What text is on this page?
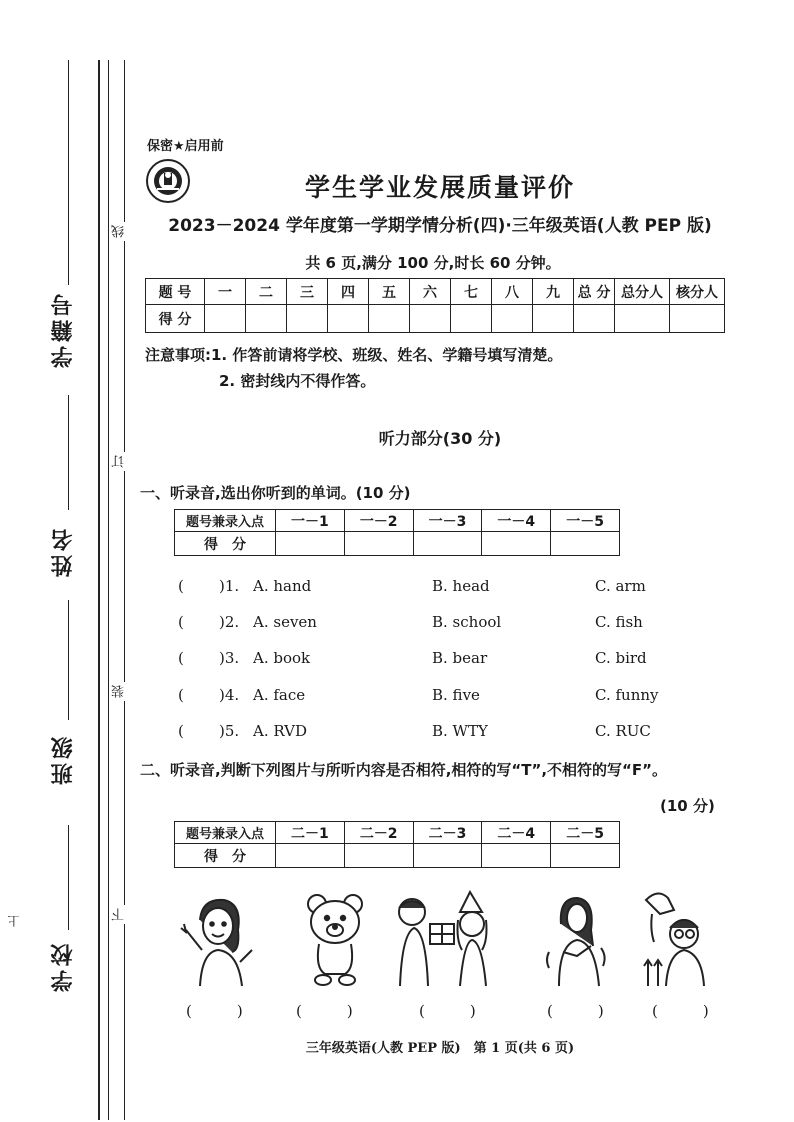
学籍号
姓名
班级
学校
线
订
装
下
上
保密★启用前
学生学业发展质量评价
2023－2024 学年度第一学期学情分析(四)·三年级英语(人教 PEP 版)
共 6 页,满分 100 分,时长 60 分钟。
题 号	一	二	三	四	五	六	七	八	九	总 分	总分人	核分人
得 分												
注意事项:1. 作答前请将学校、班级、姓名、学籍号填写清楚。
2. 密封线内不得作答。
听力部分(30 分)
一、听录音,选出你听到的单词。(10 分)
题号兼录入点	一－1	一－2	一－3	一－4	一－5
得　分					
( )1. A. hand	B. head	C. arm
( )2. A. seven	B. school	C. fish
( )3. A. book	B. bear	C. bird
( )4. A. face	B. five	C. funny
( )5. A. RVD	B. WTY	C. RUC
二、听录音,判断下列图片与所听内容是否相符,相符的写“T”,不相符的写“F”。
(10 分)
题号兼录入点	二－1	二－2	二－3	二－4	二－5
得　分					
(　　　)	(　　　)	(　　　)	(　　　)	(　　　)
三年级英语(人教 PEP 版)　第 1 页(共 6 页)
